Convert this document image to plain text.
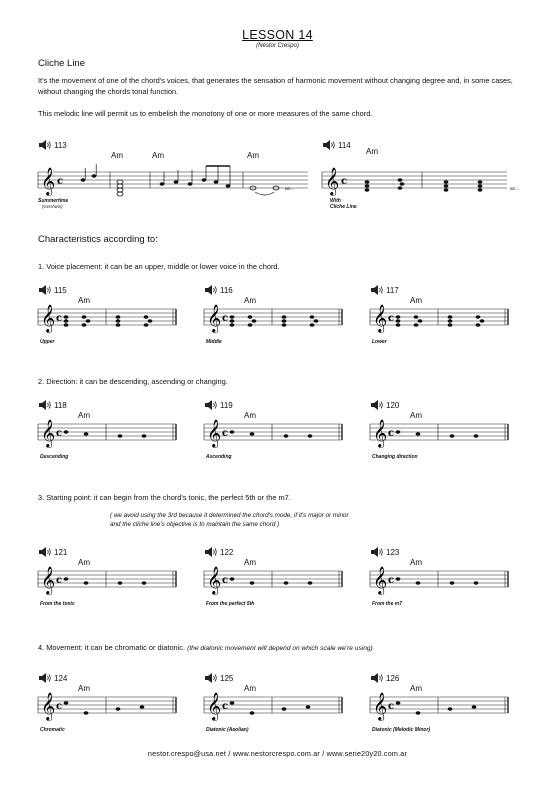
LESSON 14
(Néstor Crespo)
Cliche Line
It's the movement of one of the chord's voices, that generates the sensation of harmonic movement without changing degree and, in some cases, without changing the chords tonal function.
This melodic line will permit us to embelish the monotony of one or more measures of the same chord.
113
Am	Am	Am
𝄞 c
Summertime
(Gershwin)
etc...
114
Am
𝄞 c
With
Cliche Line
etc...
Characteristics according to:
1. Voice placement: it can be an upper, middle or lower voice in the chord.
115
Am
𝄞 c
Upper
116
Am
𝄞 c
Middle
117
Am
𝄞 c
Lower
2. Direction: it can be descending, ascending or changing.
118
Am
𝄞 c
Descending
119
Am
𝄞 c
Ascending
120
Am
𝄞 c
Changing direction
3. Starting point: it can begin from the chord's tonic, the perfect 5th or the m7.
( we avoid using the 3rd because it determined the chord's mode, if it's major or minor
and the cliche line's objective is to maintain the same chord )
121
Am
𝄞 c
From the tonic
122
Am
𝄞 c
From the perfect 5th
123
Am
𝄞 c
From the m7
4. Movement: it can be chromatic or diatonic. (the diatonic movement will depend on which scale we're using)
124
Am
𝄞 c
Chromatic
125
Am
𝄞 c
Diatonic (Aeolian)
126
Am
𝄞 c
Diatonic (Melodic Minor)
nestor.crespo@usa.net / www.nestorcrespo.com.ar / www.serie20y20.com.ar
